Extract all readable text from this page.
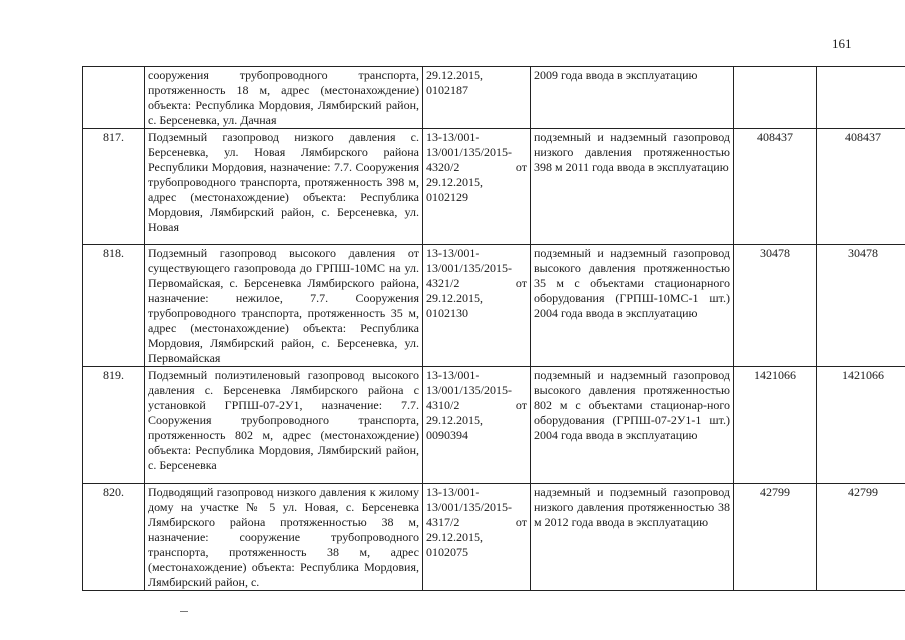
161
	сооружения трубопроводного транспорта, протяженность 18 м, адрес (местонахождение) объекта: Республика Мордовия, Лямбирский район, с. Берсеневка, ул. Дачная	29.12.2015, 0102187	2009 года ввода в эксплуатацию		
817.	Подземный газопровод низкого давления с. Берсеневка, ул. Новая Лямбирского района Республики Мордовия, назначение: 7.7. Сооружения трубопроводного транспорта, протяженность 398 м, адрес (местонахождение) объекта: Республика Мордовия, Лямбирский район, с. Берсеневка, ул. Новая	13-13/001-13/001/135/2015-4320/2 от 29.12.2015, 0102129	подземный и надземный газопровод низкого давления протяженностью 398 м 2011 года ввода в эксплуатацию	408437	408437
818.	Подземный газопровод высокого давления от существующего газопровода до ГРПШ-10МС на ул. Первомайская, с. Берсеневка Лямбирского района, назначение: нежилое, 7.7. Сооружения трубопроводного транспорта, протяженность 35 м, адрес (местонахождение) объекта: Республика Мордовия, Лямбирский район, с. Берсеневка, ул. Первомайская	13-13/001-13/001/135/2015-4321/2 от 29.12.2015, 0102130	подземный и надземный газопровод высокого давления протяженностью 35 м с объектами стационарного оборудования (ГРПШ-10МС-1 шт.) 2004 года ввода в эксплуатацию	30478	30478
819.	Подземный полиэтиленовый газопровод высокого давления с. Берсеневка Лямбирского района с установкой ГРПШ-07-2У1, назначение: 7.7. Сооружения трубопроводного транспорта, протяженность 802 м, адрес (местонахождение) объекта: Республика Мордовия, Лямбирский район, с. Берсеневка	13-13/001-13/001/135/2015-4310/2 от 29.12.2015, 0090394	подземный и надземный газопровод высокого давления протяженностью 802 м с объектами стационар-ного оборудования (ГРПШ-07-2У1-1 шт.) 2004 года ввода в эксплуатацию	1421066	1421066
820.	Подводящий газопровод низкого давления к жилому дому на участке № 5 ул. Новая, с. Берсеневка Лямбирского района протяженностью 38 м, назначение: сооружение трубопроводного транспорта, протяженность 38 м, адрес (местонахождение) объекта: Республика Мордовия, Лямбирский район, с.	13-13/001-13/001/135/2015-4317/2 от 29.12.2015, 0102075	надземный и подземный газопровод низкого давления протяженностью 38 м 2012 года ввода в эксплуатацию	42799	42799
